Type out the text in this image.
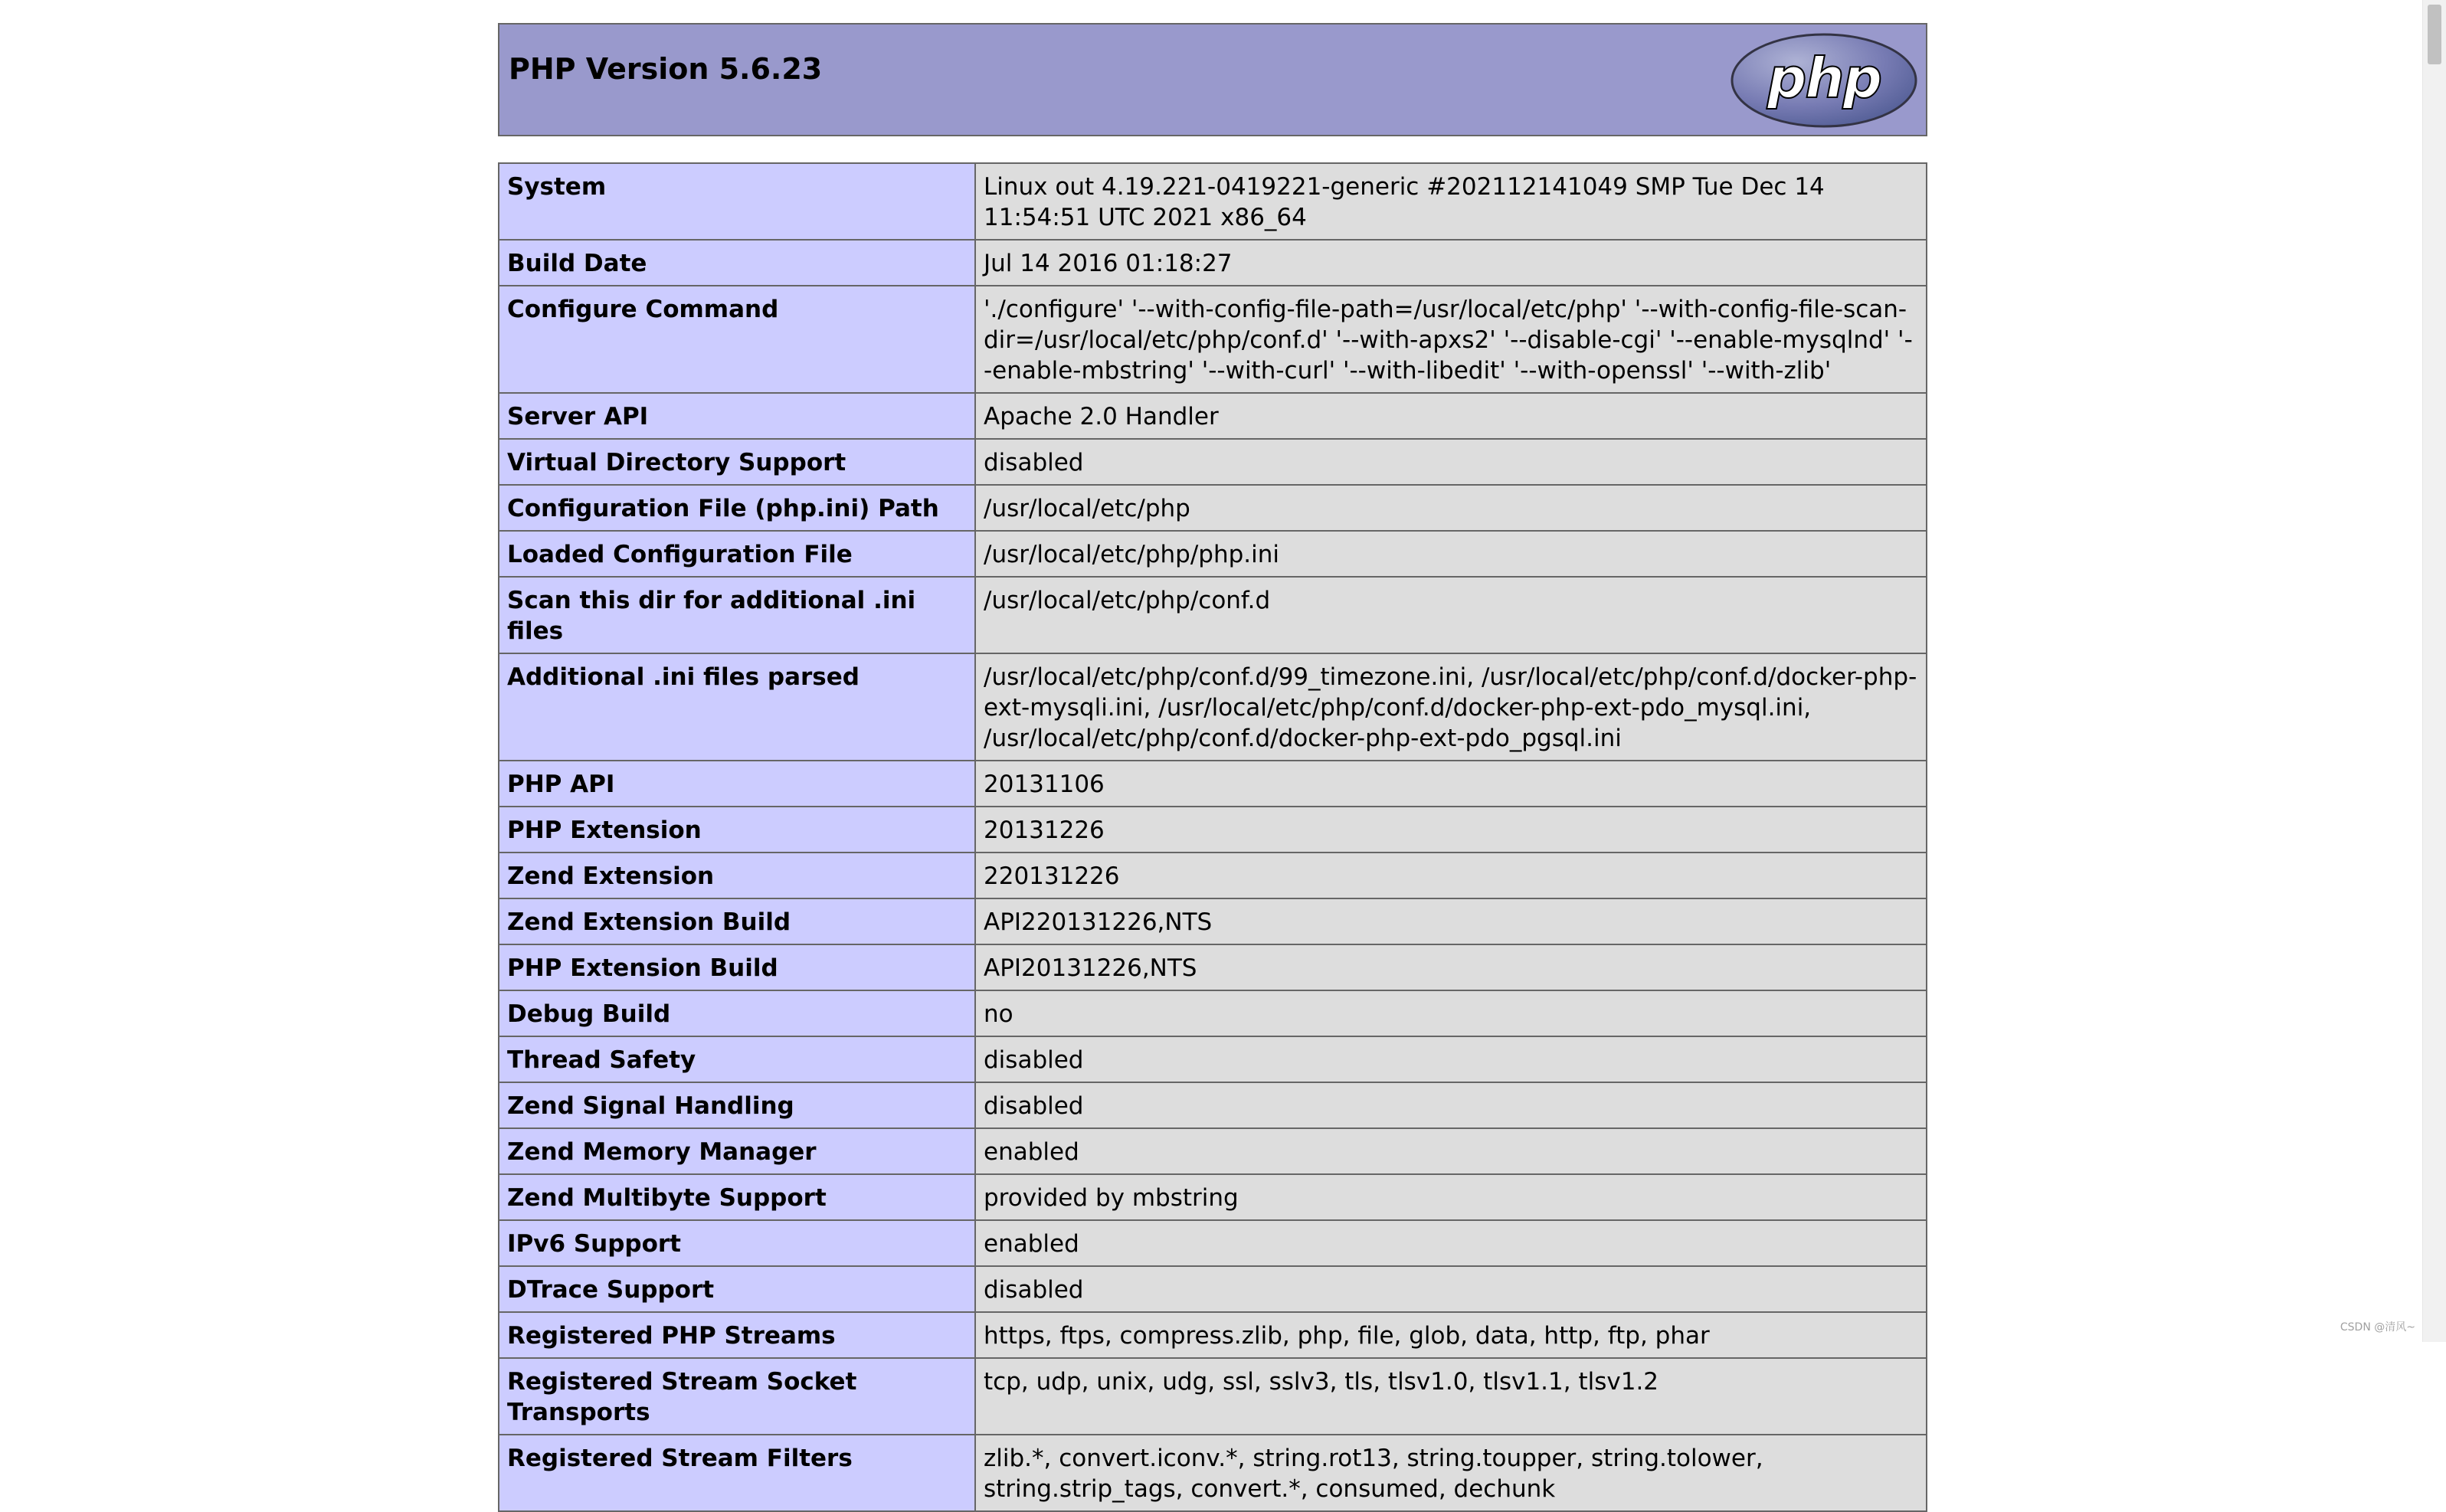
PHP Version 5.6.23	php
System	Linux out 4.19.221-0419221-generic #202112141049 SMP Tue Dec 14 11:54:51 UTC 2021 x86_64
Build Date	Jul 14 2016 01:18:27
Configure Command	'./configure' '--with-config-file-path=/usr/local/etc/php' '--with-config-file-scan-dir=/usr/local/etc/php/conf.d' '--with-apxs2' '--disable-cgi' '--enable-mysqlnd' '--enable-mbstring' '--with-curl' '--with-libedit' '--with-openssl' '--with-zlib'
Server API	Apache 2.0 Handler
Virtual Directory Support	disabled
Configuration File (php.ini) Path	/usr/local/etc/php
Loaded Configuration File	/usr/local/etc/php/php.ini
Scan this dir for additional .ini files	/usr/local/etc/php/conf.d
Additional .ini files parsed	/usr/local/etc/php/conf.d/99_timezone.ini, /usr/local/etc/php/conf.d/docker-php-ext-mysqli.ini, /usr/local/etc/php/conf.d/docker-php-ext-pdo_mysql.ini, /usr/local/etc/php/conf.d/docker-php-ext-pdo_pgsql.ini
PHP API	20131106
PHP Extension	20131226
Zend Extension	220131226
Zend Extension Build	API220131226,NTS
PHP Extension Build	API20131226,NTS
Debug Build	no
Thread Safety	disabled
Zend Signal Handling	disabled
Zend Memory Manager	enabled
Zend Multibyte Support	provided by mbstring
IPv6 Support	enabled
DTrace Support	disabled
Registered PHP Streams	https, ftps, compress.zlib, php, file, glob, data, http, ftp, phar
Registered Stream Socket Transports	tcp, udp, unix, udg, ssl, sslv3, tls, tlsv1.0, tlsv1.1, tlsv1.2
Registered Stream Filters	zlib.*, convert.iconv.*, string.rot13, string.toupper, string.tolower, string.strip_tags, convert.*, consumed, dechunk
CSDN @清风~
